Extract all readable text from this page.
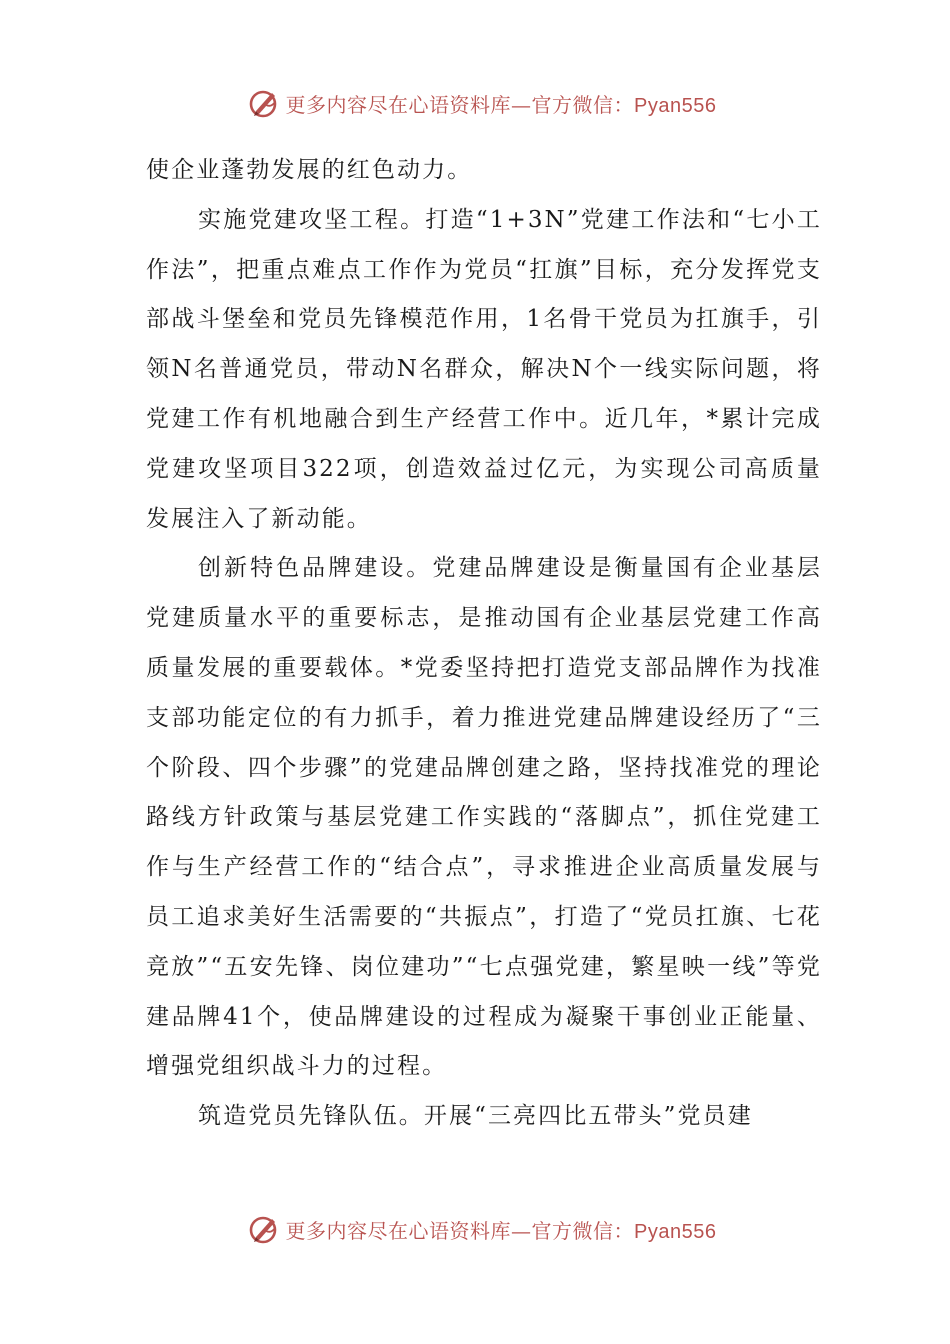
更多内容尽在心语资料库—官方微信：Pyan556

使企业蓬勃发展的红色动力。

实施党建攻坚工程。打造“1+3N”党建工作法和“七小工作法”，把重点难点工作作为党员“扛旗”目标，充分发挥党支部战斗堡垒和党员先锋模范作用，1名骨干党员为扛旗手，引领N名普通党员，带动N名群众，解决N个一线实际问题，将党建工作有机地融合到生产经营工作中。近几年，*累计完成党建攻坚项目322项，创造效益过亿元，为实现公司高质量发展注入了新动能。

创新特色品牌建设。党建品牌建设是衡量国有企业基层党建质量水平的重要标志，是推动国有企业基层党建工作高质量发展的重要载体。*党委坚持把打造党支部品牌作为找准支部功能定位的有力抓手，着力推进党建品牌建设经历了“三个阶段、四个步骤”的党建品牌创建之路，坚持找准党的理论路线方针政策与基层党建工作实践的“落脚点”，抓住党建工作与生产经营工作的“结合点”，寻求推进企业高质量发展与员工追求美好生活需要的“共振点”，打造了“党员扛旗、七花竞放”“五安先锋、岗位建功”“七点强党建，繁星映一线”等党建品牌41个，使品牌建设的过程成为凝聚干事创业正能量、增强党组织战斗力的过程。

筑造党员先锋队伍。开展“三亮四比五带头”党员建

更多内容尽在心语资料库—官方微信：Pyan556
